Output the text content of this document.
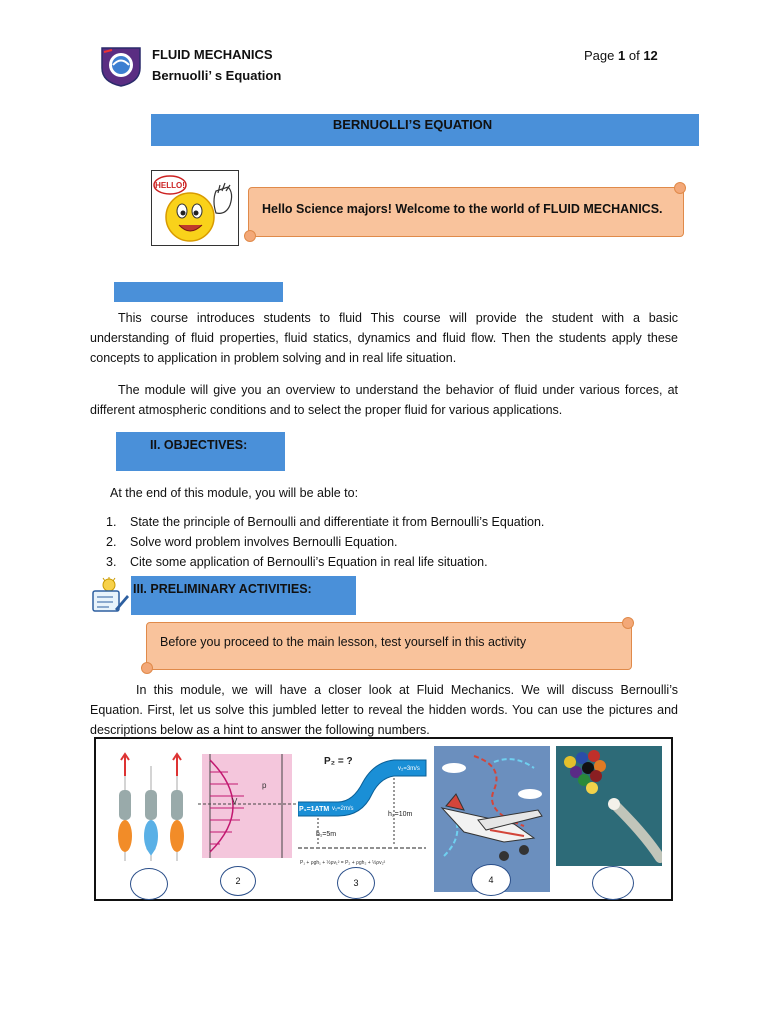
FLUID MECHANICS
Bernuolli’ s Equation
Page 1 of 12
BERNUOLLI’S EQUATION
HELLO!
Hello Science majors! Welcome to the world of FLUID MECHANICS.
This course introduces students to fluid This course will provide the student with a basic understanding of fluid properties, fluid statics, dynamics and fluid flow. Then the students apply these concepts to application in problem solving and in real life situation.
The module will give you an overview to understand the behavior of fluid under various forces, at different atmospheric conditions and to select the proper fluid for various applications.
II. OBJECTIVES:
At the end of this module, you will be able to:
1. State the principle of Bernoulli and differentiate it from Bernoulli’s Equation.
2. Solve word problem involves Bernoulli Equation.
3. Cite some application of Bernoulli’s Equation in real life situation.
III. PRELIMINARY ACTIVITIES:
Before you proceed to the main lesson, test yourself in this activity
In this module, we will have a closer look at Fluid Mechanics. We will discuss Bernoulli’s Equation. First, let us solve this jumbled letter to reveal the hidden words. You can use the pictures and descriptions below as a hint to answer the following numbers.
V
p
P₂ = ?
v₂=3m/s
P₁=1ATM v₁=2m/s
h₂=10m
h₁=5m
P₁ + ρgh₁ + ½ρv₁² = P₂ + ρgh₂ + ½ρv₂²
2	3	4
